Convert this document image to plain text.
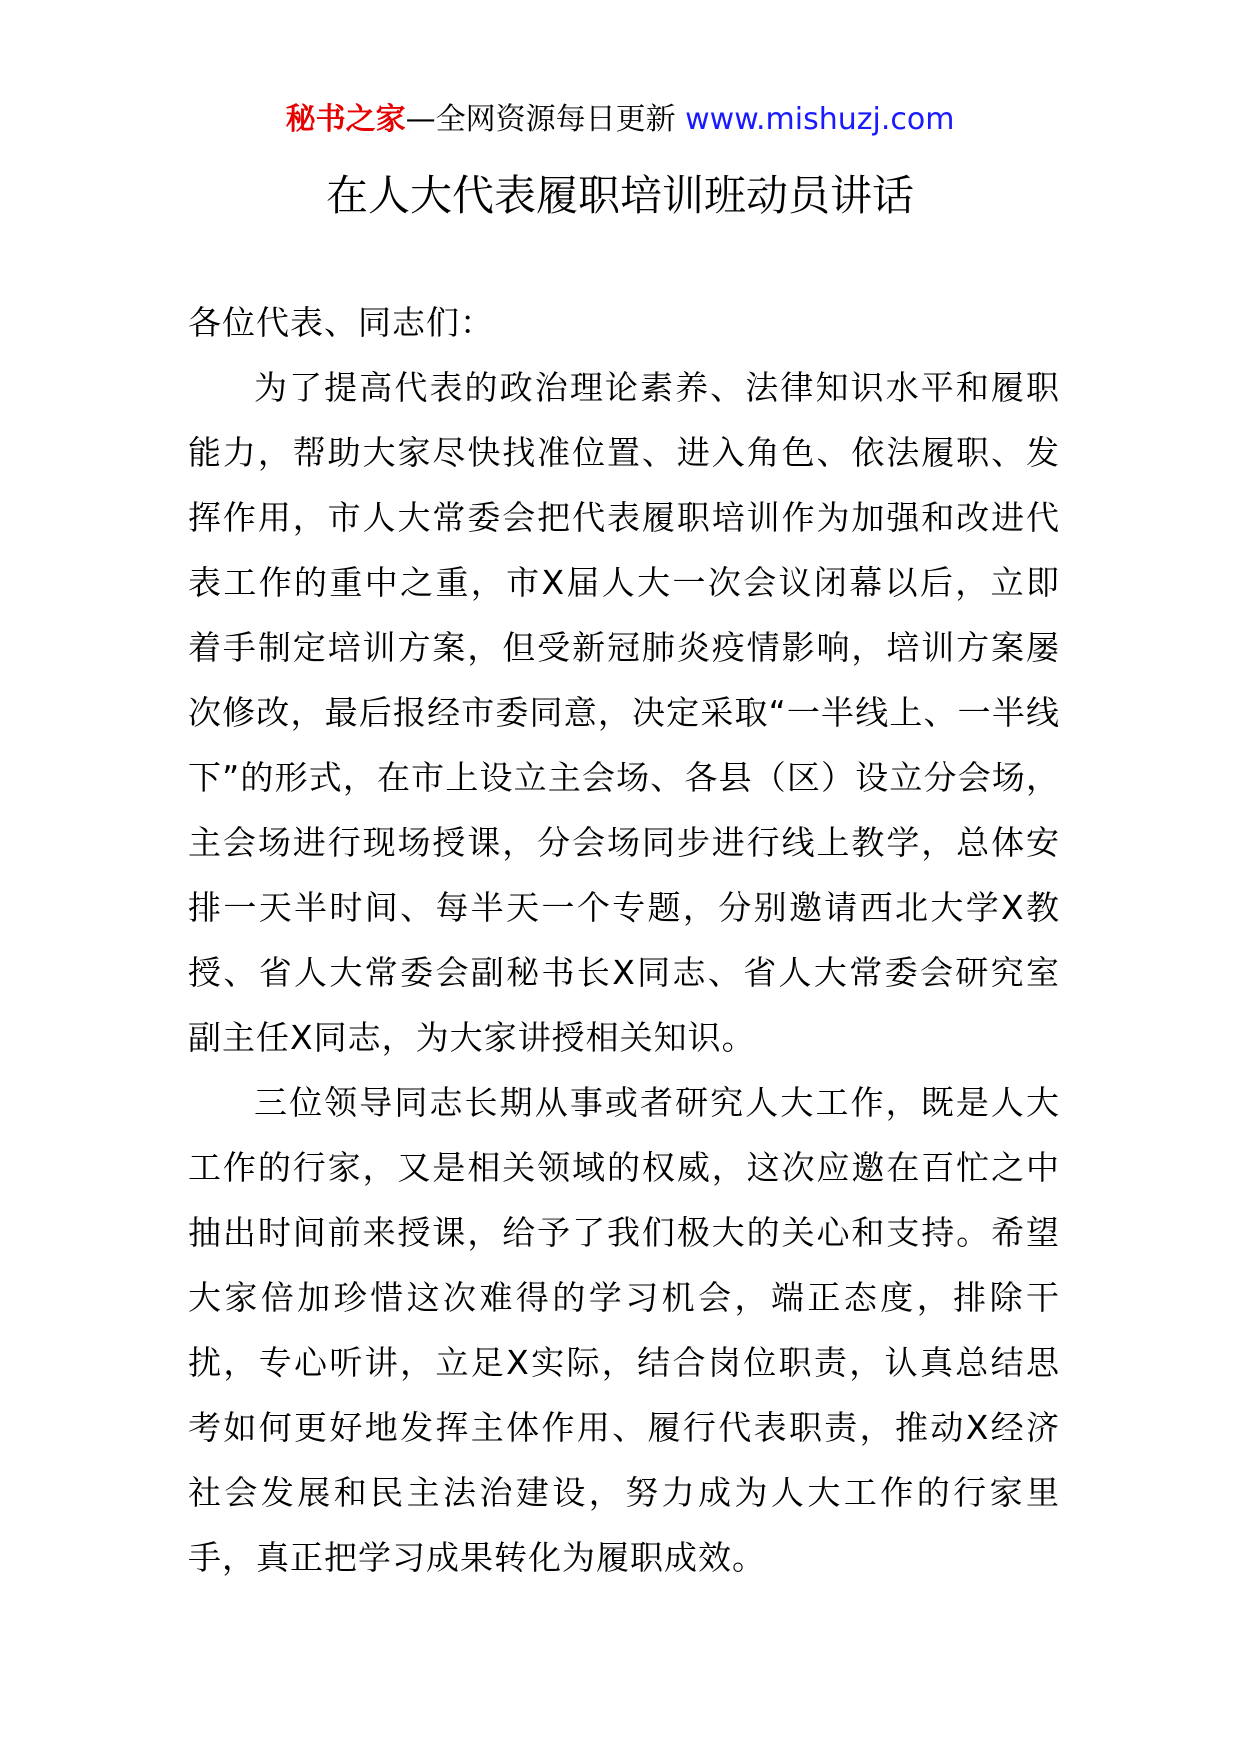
秘书之家—全网资源每日更新 www.mishuzj.com
在人大代表履职培训班动员讲话

各位代表、同志们：

为了提高代表的政治理论素养、法律知识水平和履职能力，帮助大家尽快找准位置、进入角色、依法履职、发挥作用，市人大常委会把代表履职培训作为加强和改进代表工作的重中之重，市X届人大一次会议闭幕以后，立即着手制定培训方案，但受新冠肺炎疫情影响，培训方案屡次修改，最后报经市委同意，决定采取“一半线上、一半线下”的形式，在市上设立主会场、各县（区）设立分会场，主会场进行现场授课，分会场同步进行线上教学，总体安排一天半时间、每半天一个专题，分别邀请西北大学X教授、省人大常委会副秘书长X同志、省人大常委会研究室副主任X同志，为大家讲授相关知识。

三位领导同志长期从事或者研究人大工作，既是人大工作的行家，又是相关领域的权威，这次应邀在百忙之中抽出时间前来授课，给予了我们极大的关心和支持。希望大家倍加珍惜这次难得的学习机会，端正态度，排除干扰，专心听讲，立足X实际，结合岗位职责，认真总结思考如何更好地发挥主体作用、履行代表职责，推动X经济社会发展和民主法治建设，努力成为人大工作的行家里手，真正把学习成果转化为履职成效。
